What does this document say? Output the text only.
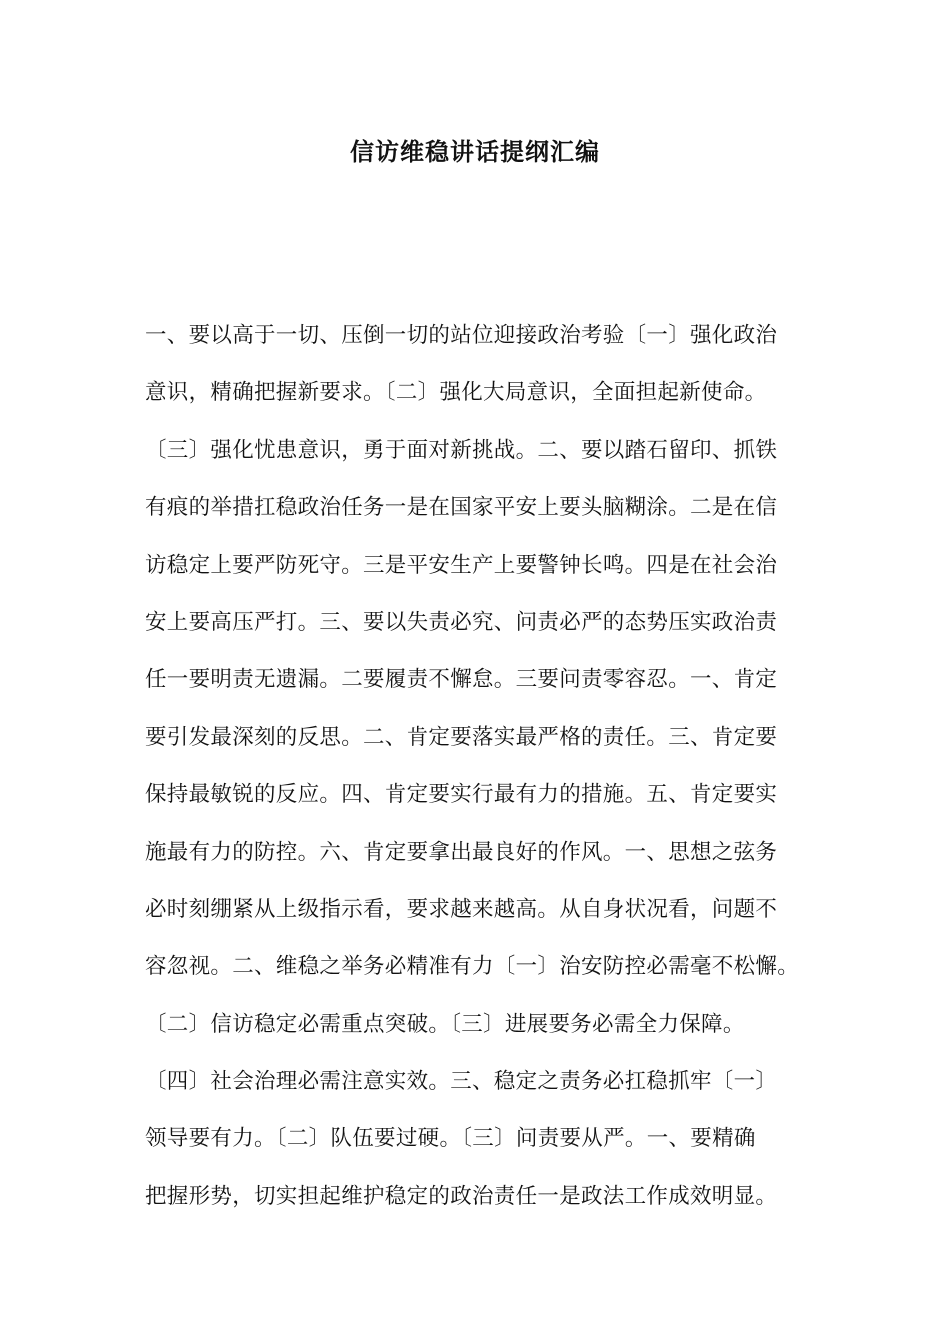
信访维稳讲话提纲汇编

一、要以高于一切、压倒一切的站位迎接政治考验〔一〕强化政治

意识，精确把握新要求。〔二〕强化大局意识，全面担起新使命。

〔三〕强化忧患意识，勇于面对新挑战。二、要以踏石留印、抓铁

有痕的举措扛稳政治任务一是在国家平安上要头脑糊涂。二是在信

访稳定上要严防死守。三是平安生产上要警钟长鸣。四是在社会治

安上要高压严打。三、要以失责必究、问责必严的态势压实政治责

任一要明责无遗漏。二要履责不懈怠。三要问责零容忍。一、肯定

要引发最深刻的反思。二、肯定要落实最严格的责任。三、肯定要

保持最敏锐的反应。四、肯定要实行最有力的措施。五、肯定要实

施最有力的防控。六、肯定要拿出最良好的作风。一、思想之弦务

必时刻绷紧从上级指示看，要求越来越高。从自身状况看，问题不

容忽视。二、维稳之举务必精准有力〔一〕治安防控必需毫不松懈。

〔二〕信访稳定必需重点突破。〔三〕进展要务必需全力保障。

〔四〕社会治理必需注意实效。三、稳定之责务必扛稳抓牢〔一〕

领导要有力。〔二〕队伍要过硬。〔三〕问责要从严。一、要精确

把握形势，切实担起维护稳定的政治责任一是政法工作成效明显。
